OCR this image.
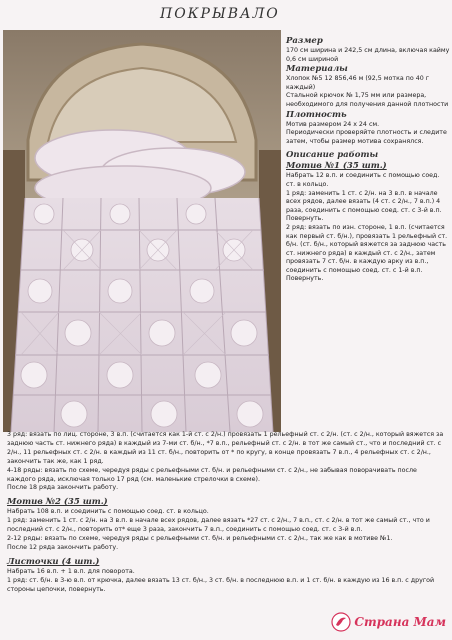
ПОКРЫВАЛО
Размер
170 см ширина и 242,5 см длина, включая кайму 0,6 см шириной
Материалы
Хлопок №5 12 856,46 м (92,5 мотка по 40 г каждый)
Стальной крючок № 1,75 мм или размера, необходимого для получения данной плотности
Плотность
Мотив размером 24 х 24 см.
Периодически проверяйте плотность и следите затем, чтобы размер мотива сохранялся.
Описание работы
Мотив №1 (35 шт.)
Набрать 12 в.п. и соединить с помощью соед. ст. в кольцо.
1 ряд: заменить 1 ст. с 2/н. на 3 в.п. в начале всех рядов, далее вязать (4 ст. с 2/н., 7 в.п.) 4 раза, соединить с помощью соед. ст. с 3-й в.п. Повернуть.
2 ряд: вязать по изн. стороне, 1 в.п. (считается как первый ст. б/н.), провязать 1 рельефный ст. б/н. (ст. б/н., который вяжется за заднюю часть ст. нижнего ряда) в каждый ст. с 2/н., затем провязать 7 ст. б/н. в каждую арку из в.п., соединить с помощью соед. ст. с 1-й в.п. Повернуть.
3 ряд: вязать по лиц. стороне, 3 в.п. (считается как 1-й ст. с 2/н.) провязать 1 рельефный ст. с 2/н. (ст. с 2/н., который вяжется за заднюю часть ст. нижнего ряда) в каждый из 7-ми ст. б/н., *7 в.п., рельефный ст. с 2/н. в тот же самый ст., что и последний ст. с 2/н., 11 рельефных ст. с 2/н. в каждый из 11 ст. б/н., повторить от * по кругу, в конце провязать 7 в.п., 4 рельефных ст. с 2/н., закончить так же, как 1 ряд.
4-18 ряды: вязать по схеме, чередуя ряды с рельефными ст. б/н. и рельефными ст. с 2/н., не забывая поворачивать после каждого ряда, исключая только 17 ряд (см. маленькие стрелочки в схеме).
После 18 ряда закончить работу.
Мотив №2 (35 шт.)
Набрать 108 в.п. и соединить с помощью соед. ст. в кольцо.
1 ряд: заменить 1 ст. с 2/н. на 3 в.п. в начале всех рядов, далее вязать *27 ст. с 2/н., 7 в.п., ст. с 2/н. в тот же самый ст., что и последний ст. с 2/н., повторить от* еще 3 раза, закончить 7 в.п., соединить с помощью соед. ст. с 3-й в.п.
2-12 ряды: вязать по схеме, чередуя ряды с рельефными ст. б/н. и рельефными ст. с 2/н., так же как в мотиве №1.
После 12 ряда закончить работу.
Листочки (4 шт.)
Набрать 16 в.п. + 1 в.п. для поворота.
1 ряд: ст. б/н. в 3-ю в.п. от крючка, далее вязать 13 ст. б/н., 3 ст. б/н. в последнюю в.п. и 1 ст. б/н. в каждую из 16 в.п. с другой стороны цепочки, повернуть.
Страна Мам
